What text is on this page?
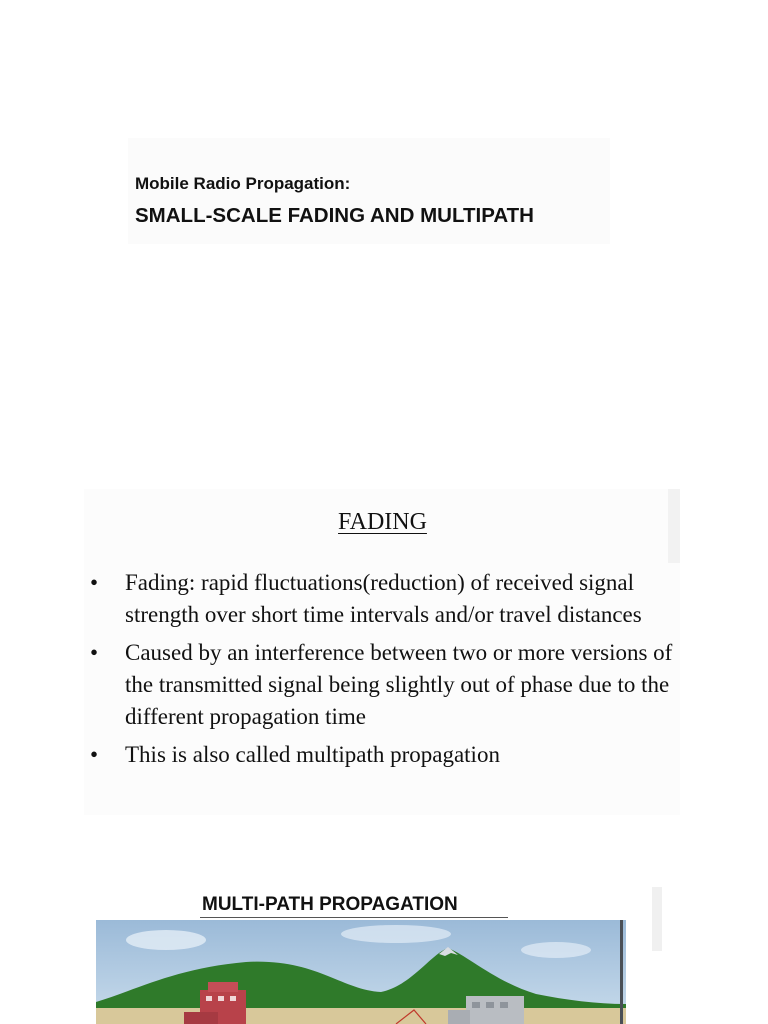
Mobile Radio Propagation:
SMALL-SCALE FADING AND MULTIPATH
FADING
• Fading: rapid fluctuations(reduction) of received signal strength over short time intervals and/or travel distances
• Caused by an interference between two or more versions of the transmitted signal being slightly out of phase due to the different propagation time
• This is also called multipath propagation
MULTI-PATH PROPAGATION
